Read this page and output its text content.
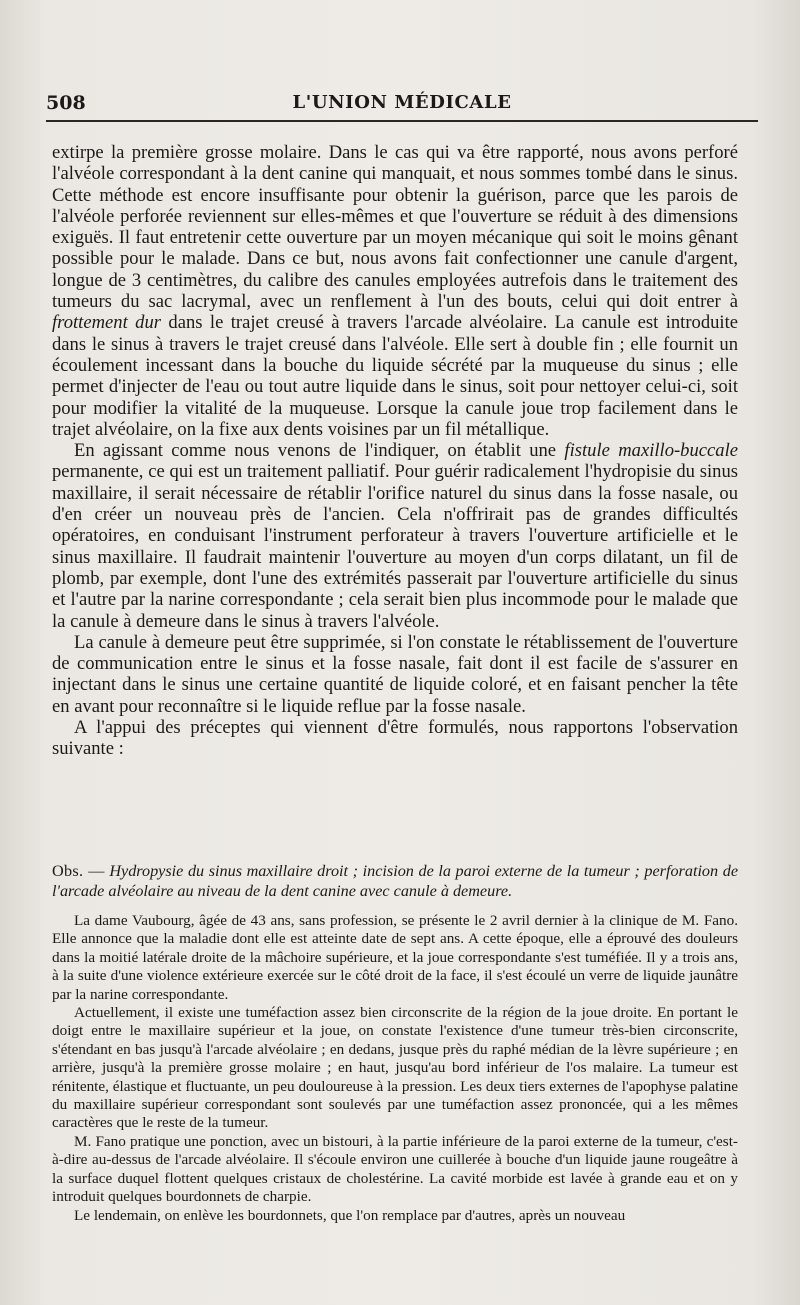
508	L'UNION MÉDICALE

extirpe la première grosse molaire. Dans le cas qui va être rapporté, nous avons perforé l'alvéole correspondant à la dent canine qui manquait, et nous sommes tombé dans le sinus. Cette méthode est encore insuffisante pour obtenir la guérison, parce que les parois de l'alvéole perforée reviennent sur elles-mêmes et que l'ouverture se réduit à des dimensions exiguës. Il faut entretenir cette ouverture par un moyen mécanique qui soit le moins gênant possible pour le malade. Dans ce but, nous avons fait confectionner une canule d'argent, longue de 3 centimètres, du calibre des canules employées autrefois dans le traitement des tumeurs du sac lacrymal, avec un renflement à l'un des bouts, celui qui doit entrer à frottement dur dans le trajet creusé à travers l'arcade alvéolaire. La canule est introduite dans le sinus à travers le trajet creusé dans l'alvéole. Elle sert à double fin ; elle fournit un écoulement incessant dans la bouche du liquide sécrété par la muqueuse du sinus ; elle permet d'injecter de l'eau ou tout autre liquide dans le sinus, soit pour nettoyer celui-ci, soit pour modifier la vitalité de la muqueuse. Lorsque la canule joue trop facilement dans le trajet alvéolaire, on la fixe aux dents voisines par un fil métallique.

En agissant comme nous venons de l'indiquer, on établit une fistule maxillo-buccale permanente, ce qui est un traitement palliatif. Pour guérir radicalement l'hydropisie du sinus maxillaire, il serait nécessaire de rétablir l'orifice naturel du sinus dans la fosse nasale, ou d'en créer un nouveau près de l'ancien. Cela n'offrirait pas de grandes difficultés opératoires, en conduisant l'instrument perforateur à travers l'ouverture artificielle et le sinus maxillaire. Il faudrait maintenir l'ouverture au moyen d'un corps dilatant, un fil de plomb, par exemple, dont l'une des extrémités passerait par l'ouverture artificielle du sinus et l'autre par la narine correspondante ; cela serait bien plus incommode pour le malade que la canule à demeure dans le sinus à travers l'alvéole.

La canule à demeure peut être supprimée, si l'on constate le rétablissement de l'ouverture de communication entre le sinus et la fosse nasale, fait dont il est facile de s'assurer en injectant dans le sinus une certaine quantité de liquide coloré, et en faisant pencher la tête en avant pour reconnaître si le liquide reflue par la fosse nasale.

A l'appui des préceptes qui viennent d'être formulés, nous rapportons l'observation suivante :

Obs. — Hydropysie du sinus maxillaire droit ; incision de la paroi externe de la tumeur ; perforation de l'arcade alvéolaire au niveau de la dent canine avec canule à demeure.

La dame Vaubourg, âgée de 43 ans, sans profession, se présente le 2 avril dernier à la clinique de M. Fano. Elle annonce que la maladie dont elle est atteinte date de sept ans. A cette époque, elle a éprouvé des douleurs dans la moitié latérale droite de la mâchoire supérieure, et la joue correspondante s'est tuméfiée. Il y a trois ans, à la suite d'une violence extérieure exercée sur le côté droit de la face, il s'est écoulé un verre de liquide jaunâtre par la narine correspondante.

Actuellement, il existe une tuméfaction assez bien circonscrite de la région de la joue droite. En portant le doigt entre le maxillaire supérieur et la joue, on constate l'existence d'une tumeur très-bien circonscrite, s'étendant en bas jusqu'à l'arcade alvéolaire ; en dedans, jusque près du raphé médian de la lèvre supérieure ; en arrière, jusqu'à la première grosse molaire ; en haut, jusqu'au bord inférieur de l'os malaire. La tumeur est rénitente, élastique et fluctuante, un peu douloureuse à la pression. Les deux tiers externes de l'apophyse palatine du maxillaire supérieur correspondant sont soulevés par une tuméfaction assez prononcée, qui a les mêmes caractères que le reste de la tumeur.

M. Fano pratique une ponction, avec un bistouri, à la partie inférieure de la paroi externe de la tumeur, c'est-à-dire au-dessus de l'arcade alvéolaire. Il s'écoule environ une cuillerée à bouche d'un liquide jaune rougeâtre à la surface duquel flottent quelques cristaux de cholestérine. La cavité morbide est lavée à grande eau et on y introduit quelques bourdonnets de charpie.

Le lendemain, on enlève les bourdonnets, que l'on remplace par d'autres, après un nouveau
